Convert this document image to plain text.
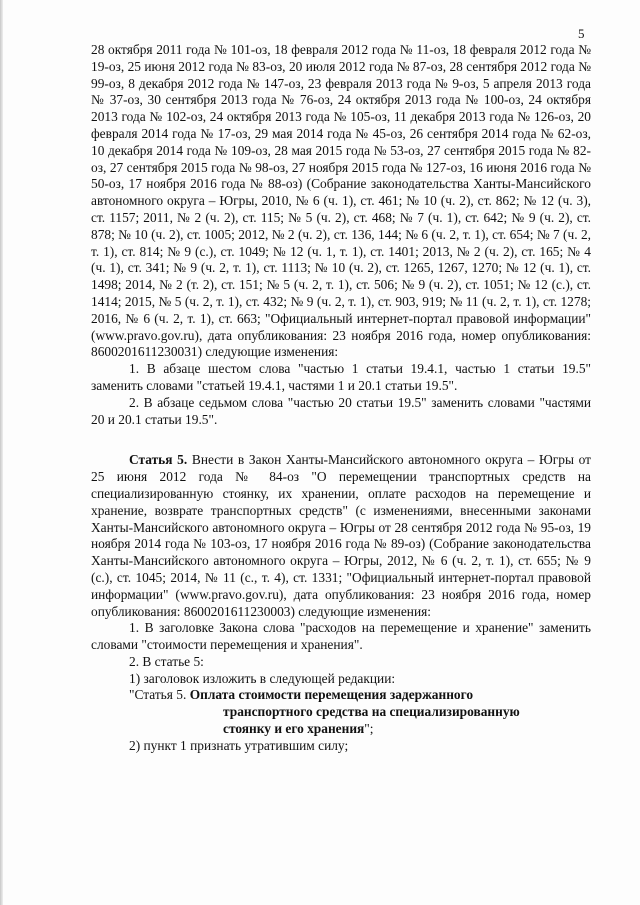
5

28 октября 2011 года № 101-оз, 18 февраля 2012 года № 11-оз, 18 февраля 2012 года № 19-оз, 25 июня 2012 года № 83-оз, 20 июля 2012 года № 87-оз, 28 сентября 2012 года № 99-оз, 8 декабря 2012 года № 147-оз, 23 февраля 2013 года № 9-оз, 5 апреля 2013 года № 37-оз, 30 сентября 2013 года № 76-оз, 24 октября 2013 года № 100-оз, 24 октября 2013 года № 102-оз, 24 октября 2013 года № 105-оз, 11 декабря 2013 года № 126-оз, 20 февраля 2014 года № 17-оз, 29 мая 2014 года № 45-оз, 26 сентября 2014 года № 62-оз, 10 декабря 2014 года № 109-оз, 28 мая 2015 года № 53-оз, 27 сентября 2015 года № 82-оз, 27 сентября 2015 года № 98-оз, 27 ноября 2015 года № 127-оз, 16 июня 2016 года № 50-оз, 17 ноября 2016 года № 88-оз) (Собрание законодательства Ханты-Мансийского автономного округа – Югры, 2010, № 6 (ч. 1), ст. 461; № 10 (ч. 2), ст. 862; № 12 (ч. 3), ст. 1157; 2011, № 2 (ч. 2), ст. 115; № 5 (ч. 2), ст. 468; № 7 (ч. 1), ст. 642; № 9 (ч. 2), ст. 878; № 10 (ч. 2), ст. 1005; 2012, № 2 (ч. 2), ст. 136, 144; № 6 (ч. 2, т. 1), ст. 654; № 7 (ч. 2, т. 1), ст. 814; № 9 (с.), ст. 1049; № 12 (ч. 1, т. 1), ст. 1401; 2013, № 2 (ч. 2), ст. 165; № 4 (ч. 1), ст. 341; № 9 (ч. 2, т. 1), ст. 1113; № 10 (ч. 2), ст. 1265, 1267, 1270; № 12 (ч. 1), ст. 1498; 2014, № 2 (т. 2), ст. 151; № 5 (ч. 2, т. 1), ст. 506; № 9 (ч. 2), ст. 1051; № 12 (с.), ст. 1414; 2015, № 5 (ч. 2, т. 1), ст. 432; № 9 (ч. 2, т. 1), ст. 903, 919; № 11 (ч. 2, т. 1), ст. 1278; 2016, № 6 (ч. 2, т. 1), ст. 663; "Официальный интернет-портал правовой информации" (www.pravo.gov.ru), дата опубликования: 23 ноября 2016 года, номер опубликования: 8600201611230031) следующие изменения:

1. В абзаце шестом слова "частью 1 статьи 19.4.1, частью 1 статьи 19.5" заменить словами "статьей 19.4.1, частями 1 и 20.1 статьи 19.5".

2. В абзаце седьмом слова "частью 20 статьи 19.5" заменить словами "частями 20 и 20.1 статьи 19.5".

Статья 5. Внести в Закон Ханты-Мансийского автономного округа – Югры от 25 июня 2012 года № 84-оз "О перемещении транспортных средств на специализированную стоянку, их хранении, оплате расходов на перемещение и хранение, возврате транспортных средств" (с изменениями, внесенными законами Ханты-Мансийского автономного округа – Югры от 28 сентября 2012 года № 95-оз, 19 ноября 2014 года № 103-оз, 17 ноября 2016 года № 89-оз) (Собрание законодательства Ханты-Мансийского автономного округа – Югры, 2012, № 6 (ч. 2, т. 1), ст. 655; № 9 (с.), ст. 1045; 2014, № 11 (с., т. 4), ст. 1331; "Официальный интернет-портал правовой информации" (www.pravo.gov.ru), дата опубликования: 23 ноября 2016 года, номер опубликования: 8600201611230003) следующие изменения:

1. В заголовке Закона слова "расходов на перемещение и хранение" заменить словами "стоимости перемещения и хранения".

2. В статье 5:

1) заголовок изложить в следующей редакции:

"Статья 5. Оплата стоимости перемещения задержанного

транспортного средства на специализированную

стоянку и его хранения";

2) пункт 1 признать утратившим силу;
